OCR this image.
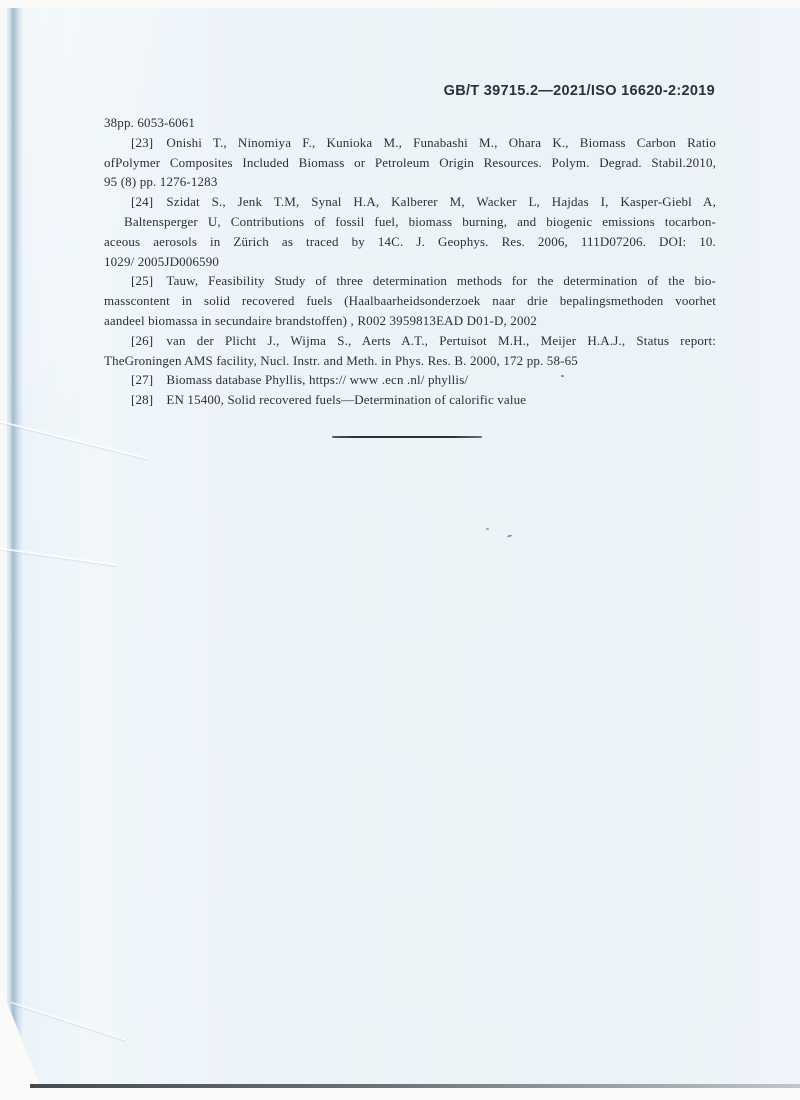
GB/T 39715.2—2021/ISO 16620-2:2019
38pp. 6053-6061
[23] Onishi T., Ninomiya F., Kunioka M., Funabashi M., Ohara K., Biomass Carbon Ratio
ofPolymer Composites Included Biomass or Petroleum Origin Resources. Polym. Degrad. Stabil.2010,
95 (8) pp. 1276-1283
[24] Szidat S., Jenk T.M, Synal H.A, Kalberer M, Wacker L, Hajdas I, Kasper-Giebl A,
Baltensperger U, Contributions of fossil fuel, biomass burning, and biogenic emissions tocarbon-
aceous aerosols in Zürich as traced by 14C. J. Geophys. Res. 2006, 111D07206. DOI: 10.
1029/ 2005JD006590
[25] Tauw, Feasibility Study of three determination methods for the determination of the bio-
masscontent in solid recovered fuels (Haalbaarheidsonderzoek naar drie bepalingsmethoden voorhet
aandeel biomassa in secundaire brandstoffen) , R002 3959813EAD D01-D, 2002
[26] van der Plicht J., Wijma S., Aerts A.T., Pertuisot M.H., Meijer H.A.J., Status report:
TheGroningen AMS facility, Nucl. Instr. and Meth. in Phys. Res. B. 2000, 172 pp. 58-65
[27] Biomass database Phyllis, https:// www .ecn .nl/ phyllis/
[28] EN 15400, Solid recovered fuels—Determination of calorific value
